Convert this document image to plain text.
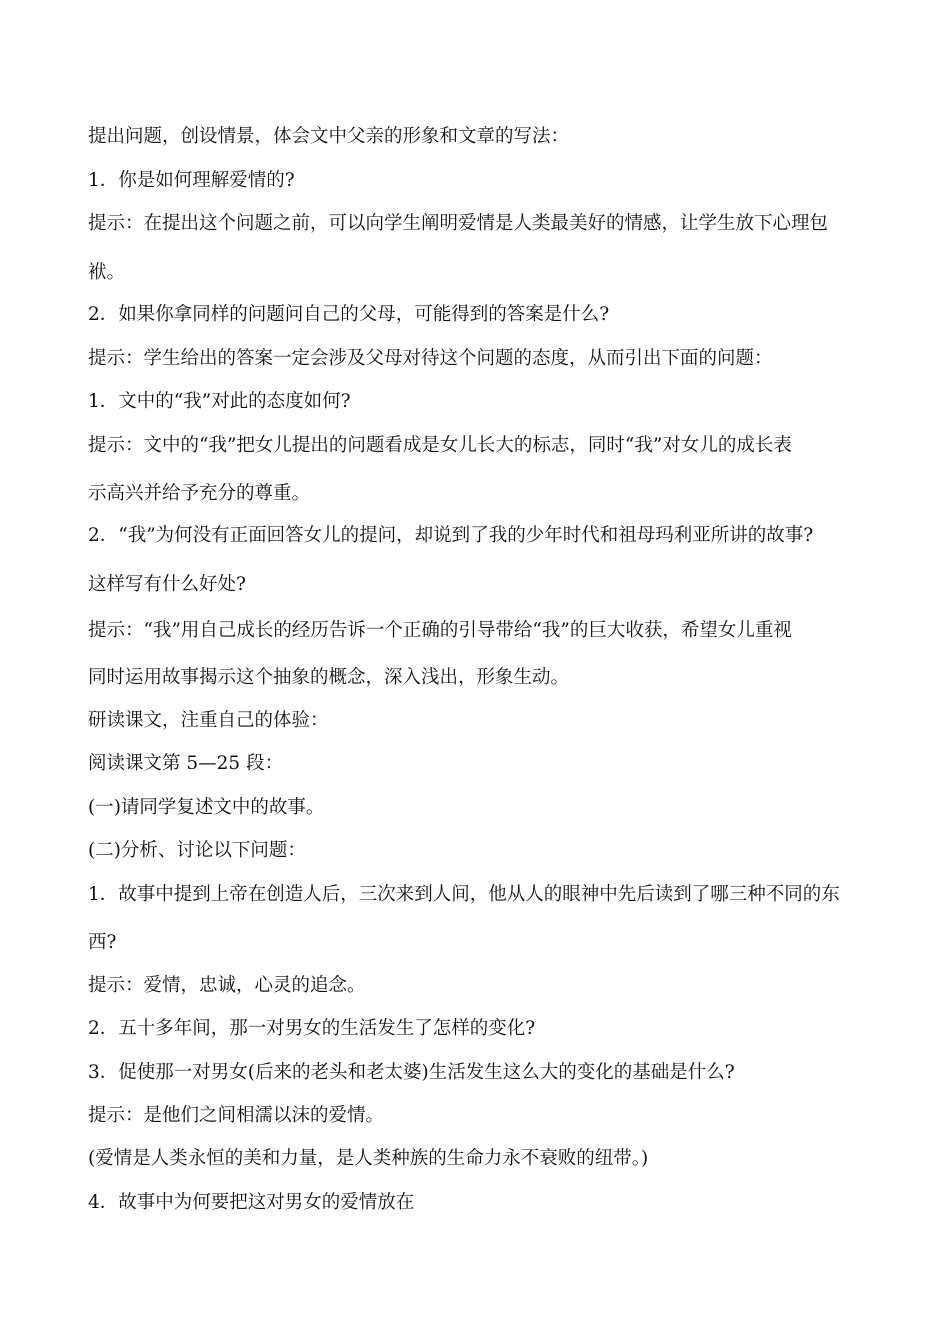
提出问题，创设情景，体会文中父亲的形象和文章的写法：
1．你是如何理解爱情的?
提示：在提出这个问题之前，可以向学生阐明爱情是人类最美好的情感，让学生放下心理包
袱。
2．如果你拿同样的问题问自己的父母，可能得到的答案是什么?
提示：学生给出的答案一定会涉及父母对待这个问题的态度，从而引出下面的问题：
1．文中的“我”对此的态度如何?
提示：文中的“我”把女儿提出的问题看成是女儿长大的标志，同时“我”对女儿的成长表
示高兴并给予充分的尊重。
2．“我”为何没有正面回答女儿的提问，却说到了我的少年时代和祖母玛利亚所讲的故事?
这样写有什么好处?
提示：“我”用自己成长的经历告诉一个正确的引导带给“我”的巨大收获，希望女儿重视
同时运用故事揭示这个抽象的概念，深入浅出，形象生动。
研读课文，注重自己的体验：
阅读课文第 5—25 段：
(一)请同学复述文中的故事。
(二)分析、讨论以下问题：
1．故事中提到上帝在创造人后，三次来到人间，他从人的眼神中先后读到了哪三种不同的东
西?
提示：爱情，忠诚，心灵的追念。
2．五十多年间，那一对男女的生活发生了怎样的变化?
3．促使那一对男女(后来的老头和老太婆)生活发生这么大的变化的基础是什么?
提示：是他们之间相濡以沫的爱情。
(爱情是人类永恒的美和力量，是人类种族的生命力永不衰败的纽带。)
4．故事中为何要把这对男女的爱情放在
